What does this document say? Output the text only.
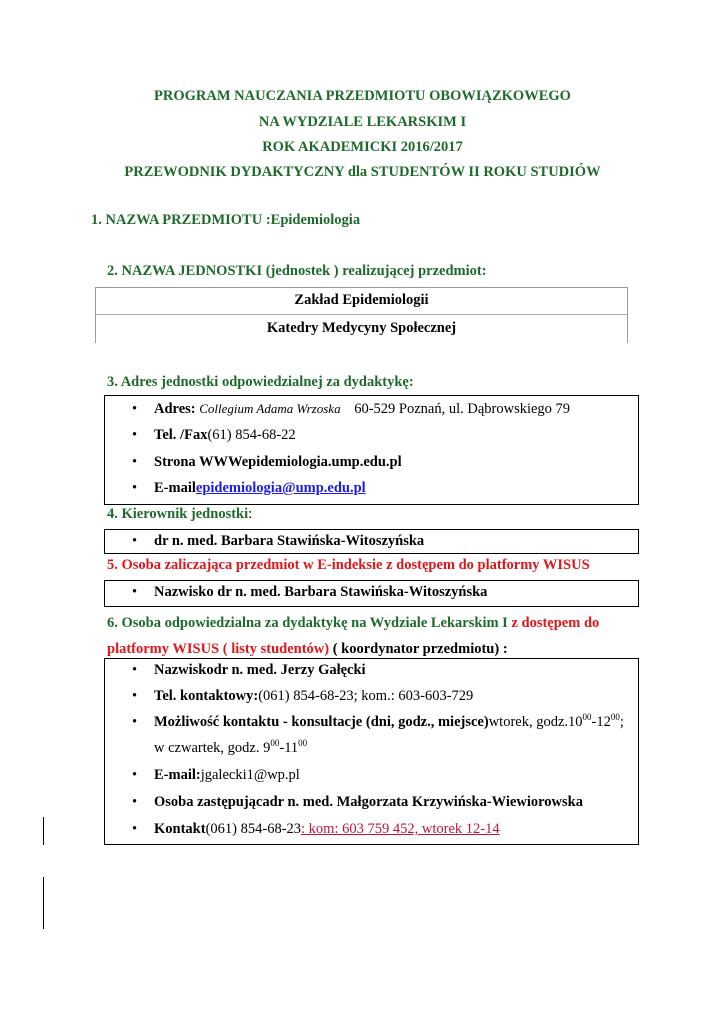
PROGRAM NAUCZANIA PRZEDMIOTU OBOWIĄZKOWEGO
NA WYDZIALE LEKARSKIM I
ROK AKADEMICKI 2016/2017
PRZEWODNIK DYDAKTYCZNY dla STUDENTÓW II ROKU STUDIÓW
1. NAZWA PRZEDMIOTU :Epidemiologia
2. NAZWA JEDNOSTKI (jednostek ) realizującej przedmiot:
Zakład Epidemiologii
Katedry Medycyny Społecznej
3. Adres jednostki odpowiedzialnej za dydaktykę:
• Adres: Collegium Adama Wrzoska 60-529 Poznań, ul. Dąbrowskiego 79
• Tel. /Fax(61) 854-68-22
• Strona WWWepidemiologia.ump.edu.pl
• E-mailepidemiologia@ump.edu.pl
4. Kierownik jednostki:
• dr n. med. Barbara Stawińska-Witoszyńska
5. Osoba zaliczająca przedmiot w E-indeksie z dostępem do platformy WISUS
• Nazwisko dr n. med. Barbara Stawińska-Witoszyńska
6. Osoba odpowiedzialna za dydaktykę na Wydziale Lekarskim I z dostępem do platformy WISUS ( listy studentów) ( koordynator przedmiotu) :
• Nazwiskodr n. med. Jerzy Gałęcki
• Tel. kontaktowy:(061) 854-68-23; kom.: 603-603-729
• Możliwość kontaktu - konsultacje (dni, godz., miejsce)wtorek, $godz.10^{00}-12^{00}$;
w czwartek, godz. $9^{00}-11^{00}$
• E-mail:jgalecki1@wp.pl
• Osoba zastępującadr n. med. Małgorzata Krzywińska-Wiewiorowska
• Kontakt(061) 854-68-23: kom: 603 759 452, wtorek 12-14
